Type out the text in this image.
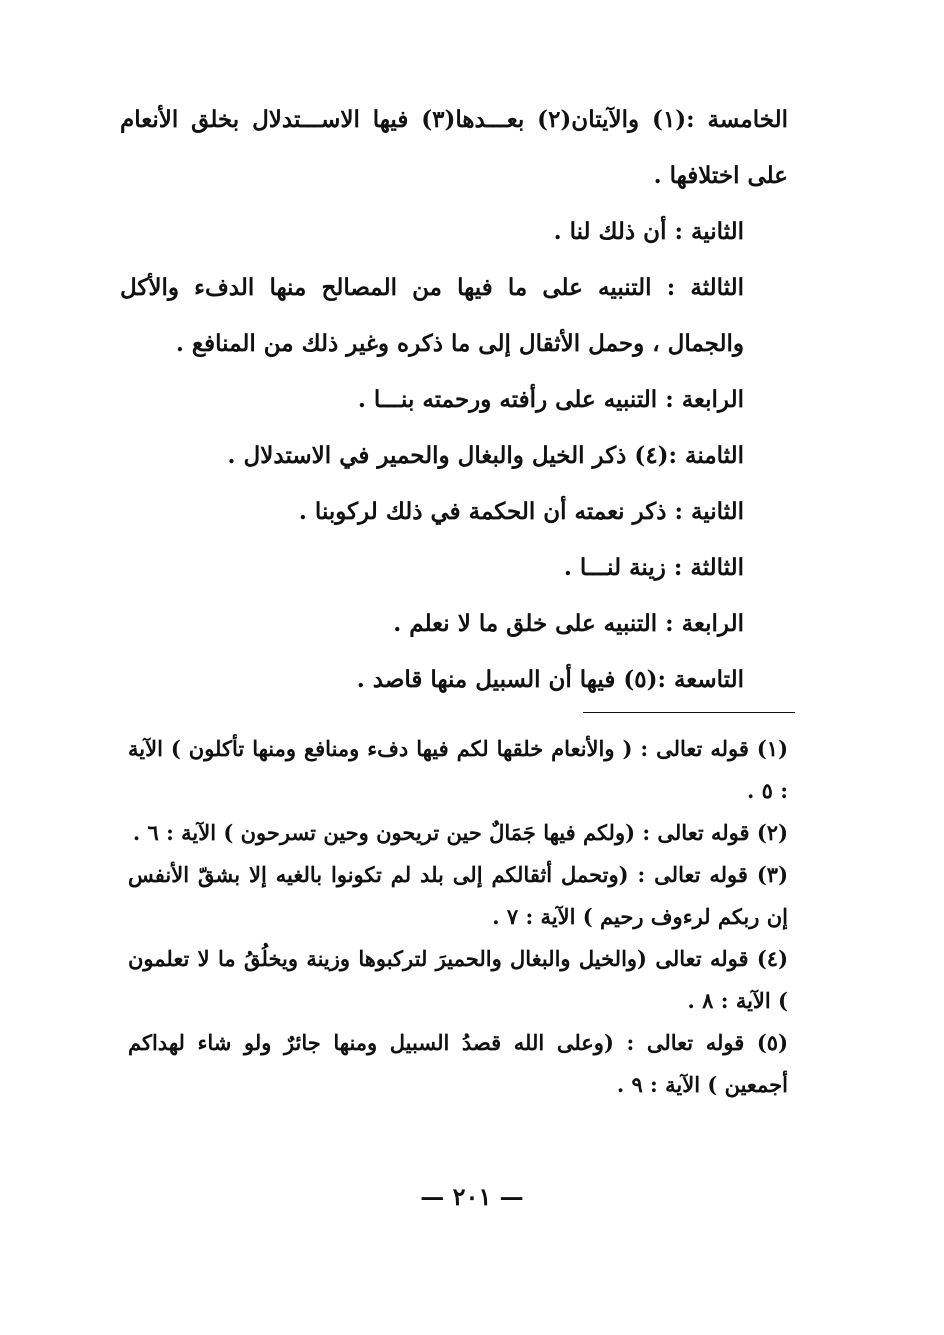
الخامسة :(١) والآيتان(٢) بعـــدها(٣) فيها الاســـتدلال بخلق الأنعام على اختلافها .

الثانية : أن ذلك لنا .

الثالثة : التنبيه على ما فيها من المصالح منها الدفء والأكل والجمال ، وحمل الأثقال إلى ما ذكره وغير ذلك من المنافع .

الرابعة : التنبيه على رأفته ورحمته بنـــا .

الثامنة :(٤) ذكر الخيل والبغال والحمير في الاستدلال .

الثانية : ذكر نعمته أن الحكمة في ذلك لركوبنا .

الثالثة : زينة لنـــا .

الرابعة : التنبيه على خلق ما لا نعلم .

التاسعة :(٥) فيها أن السبيل منها قاصد .

(١) قوله تعالى : ( والأنعام خلقها لكم فيها دفء ومنافع ومنها تأكلون ) الآية : ٥ .

(٢) قوله تعالى : (ولكم فيها جَمَالٌ حين تريحون وحين تسرحون ) الآية : ٦ .

(٣) قوله تعالى : (وتحمل أثقالكم إلى بلد لم تكونوا بالغيه إلا بشقّ الأنفس إن ربكم لرءوف رحيم ) الآية : ٧ .

(٤) قوله تعالى (والخيل والبغال والحميرَ لتركبوها وزينة ويخلُقُ ما لا تعلمون ) الآية : ٨ .

(٥) قوله تعالى : (وعلى الله قصدُ السبيل ومنها جائرٌ ولو شاء لهداكم أجمعين ) الآية : ٩ .

— ٢٠١ —
